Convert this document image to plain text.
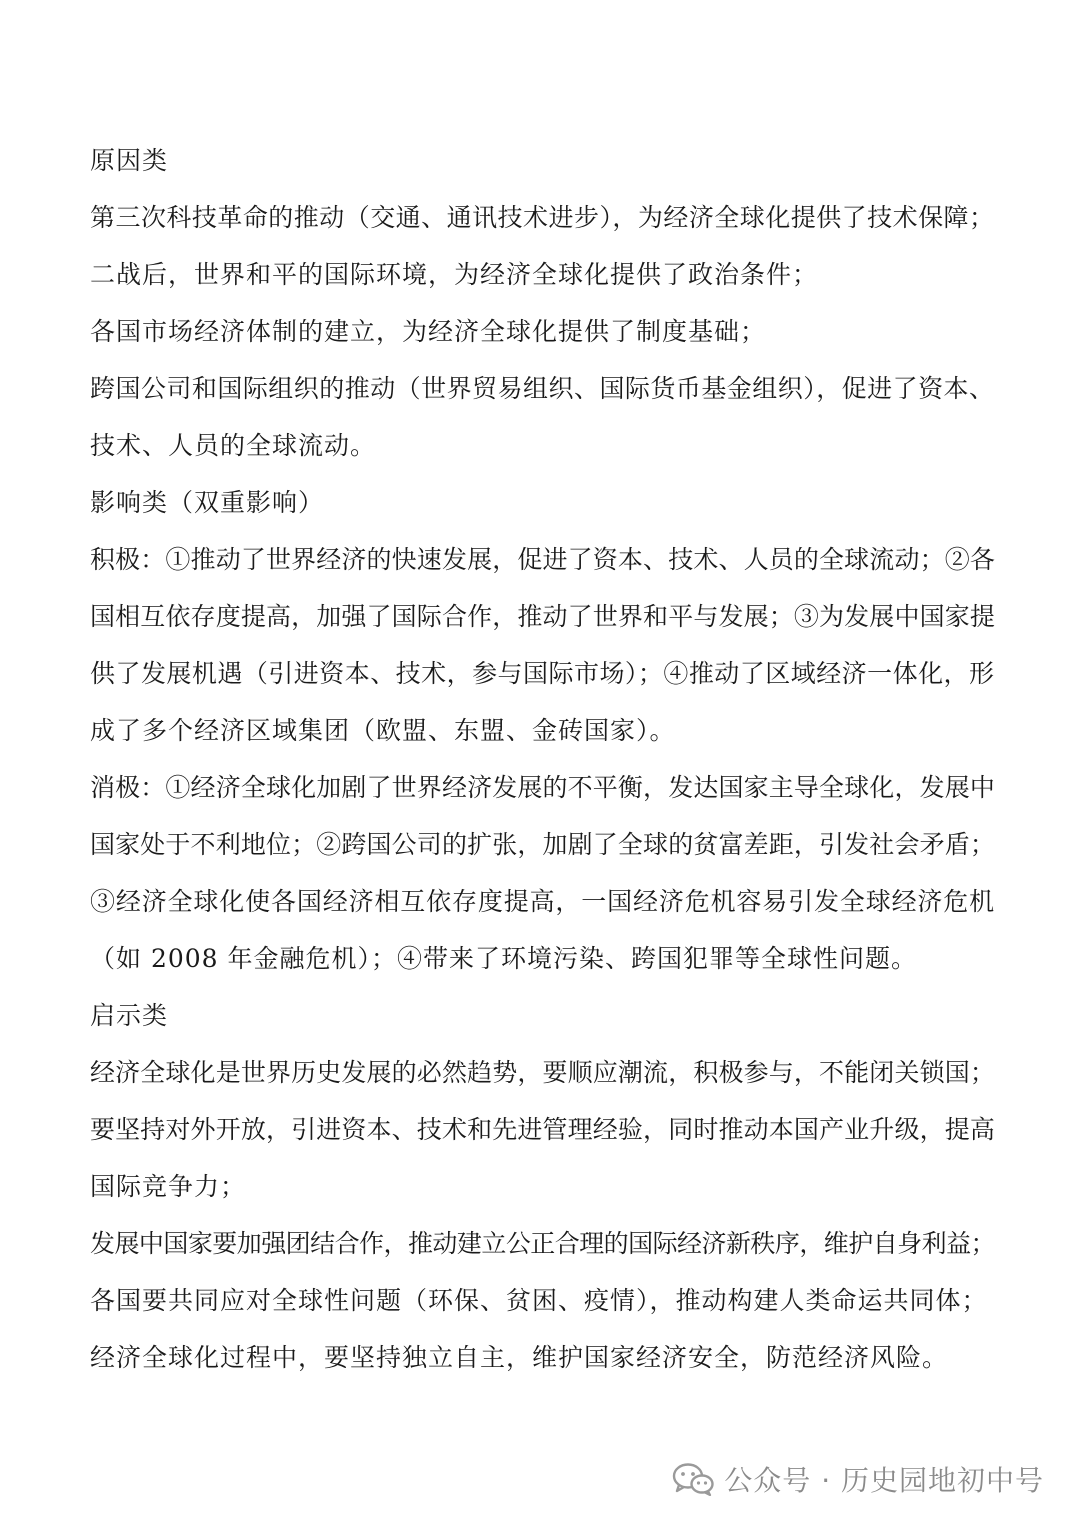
原因类
第三次科技革命的推动（交通、通讯技术进步），为经济全球化提供了技术保障；
二战后，世界和平的国际环境，为经济全球化提供了政治条件；
各国市场经济体制的建立，为经济全球化提供了制度基础；
跨国公司和国际组织的推动（世界贸易组织、国际货币基金组织），促进了资本、
技术、人员的全球流动。
影响类（双重影响）
积极：①推动了世界经济的快速发展，促进了资本、技术、人员的全球流动；②各
国相互依存度提高，加强了国际合作，推动了世界和平与发展；③为发展中国家提
供了发展机遇（引进资本、技术，参与国际市场）；④推动了区域经济一体化，形
成了多个经济区域集团（欧盟、东盟、金砖国家）。
消极：①经济全球化加剧了世界经济发展的不平衡，发达国家主导全球化，发展中
国家处于不利地位；②跨国公司的扩张，加剧了全球的贫富差距，引发社会矛盾；
③经济全球化使各国经济相互依存度提高，一国经济危机容易引发全球经济危机
（如 2008 年金融危机）；④带来了环境污染、跨国犯罪等全球性问题。
启示类
经济全球化是世界历史发展的必然趋势，要顺应潮流，积极参与，不能闭关锁国；
要坚持对外开放，引进资本、技术和先进管理经验，同时推动本国产业升级，提高
国际竞争力；
发展中国家要加强团结合作，推动建立公正合理的国际经济新秩序，维护自身利益；
各国要共同应对全球性问题（环保、贫困、疫情），推动构建人类命运共同体；
经济全球化过程中，要坚持独立自主，维护国家经济安全，防范经济风险。
公众号 · 历史园地初中号
